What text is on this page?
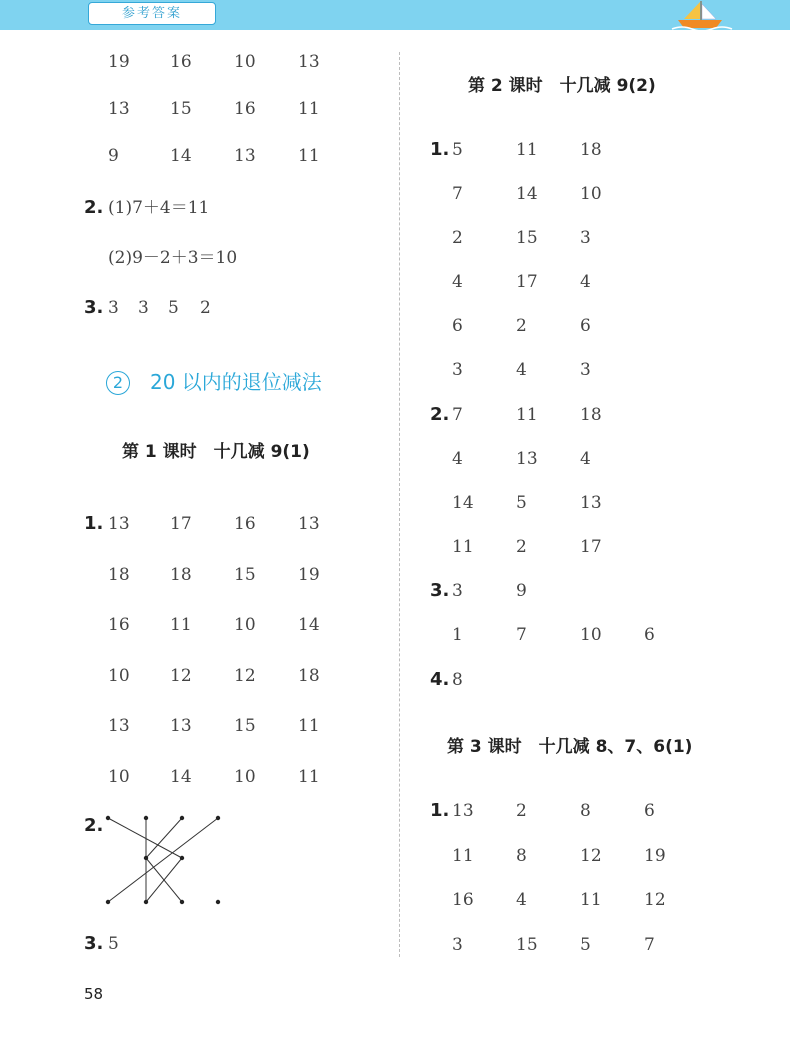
参考答案
19 16 10 13
13 15 16 11
9	14 13 11
2. (1)7＋4＝11
(2)9－2＋3＝10
3. 3 3 5 2
2 20 以内的退位减法
第 1 课时　十几减 9(1)
1. 13 17 16 13
18 18 15 19
16 11 10 14
10 12 12 18
13 13 15 11
10 14 10 11
2.
3. 5
第 2 课时　十几减 9(2)
1. 5	11 18
7	14 10
2	15 3
4	17 4
6	2	6
3	4	3
2. 7	11 18
4	13 4
14 5	13
11 2	17
3. 3	9
1	7	10 6
4. 8
第 3 课时　十几减 8、7、6(1)
1. 13 2	8	6
11 8	12 19
16 4	11 12
3	15 5	7
58
